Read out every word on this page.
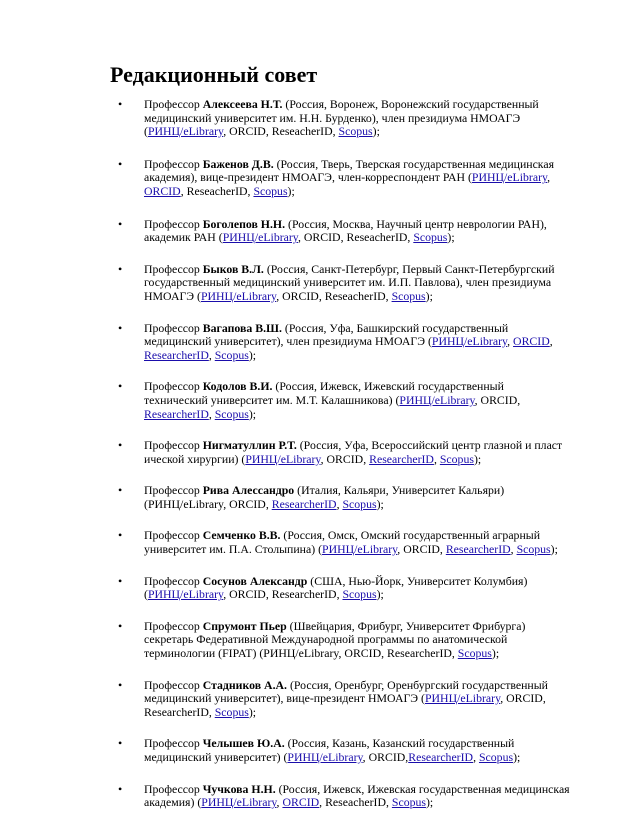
Редакционный совет
• Профессор Алексеева Н.Т. (Россия, Воронеж, Воронежский государственный медицинский университет им. Н.Н. Бурденко), член президиума НМОАГЭ (РИНЦ/eLibrary, ORCID, ReseacherID, Scopus);
• Профессор Баженов Д.В. (Россия, Тверь, Тверская государственная медицинская академия), вице-президент НМОАГЭ, член-корреспондент РАН (РИНЦ/eLibrary, ORCID, ReseacherID, Scopus);
• Профессор Боголепов Н.Н. (Россия, Москва, Научный центр неврологии РАН), академик РАН (РИНЦ/eLibrary, ORCID, ReseacherID, Scopus);
• Профессор Быков В.Л. (Россия, Санкт-Петербург, Первый Санкт-Петербургский государственный медицинский университет им. И.П. Павлова), член президиума НМОАГЭ (РИНЦ/eLibrary, ORCID, ReseacherID, Scopus);
• Профессор Вагапова В.Ш. (Россия, Уфа, Башкирский государственный медицинский университет), член президиума НМОАГЭ (РИНЦ/eLibrary, ORCID, ResearcherID, Scopus);
• Профессор Кодолов В.И. (Россия, Ижевск, Ижевский государственный технический университет им. М.Т. Калашникова) (РИНЦ/eLibrary, ORCID, ResearcherID, Scopus);
• Профессор Нигматуллин Р.Т. (Россия, Уфа, Всероссийский центр глазной и пласт ической хирургии) (РИНЦ/eLibrary, ORCID, ResearcherID, Scopus);
• Профессор Рива Алессандро (Италия, Кальяри, Университет Кальяри) (РИНЦ/eLibrary, ORCID, ResearcherID, Scopus);
• Профессор Семченко В.В. (Россия, Омск, Омский государственный аграрный университет им. П.А. Столыпина) (РИНЦ/eLibrary, ORCID, ResearcherID, Scopus);
• Профессор Сосунов Александр (США, Нью-Йорк, Университет Колумбия) (РИНЦ/eLibrary, ORCID, ResearcherID, Scopus);
• Профессор Спрумонт Пьер (Швейцария, Фрибург, Университет Фрибурга) секретарь Федеративной Международной программы по анатомической терминологии (FIPAT) (РИНЦ/eLibrary, ORCID, ResearcherID, Scopus);
• Профессор Стадников А.А. (Россия, Оренбург, Оренбургский государственный медицинский университет), вице-президент НМОАГЭ (РИНЦ/eLibrary, ORCID, ResearcherID, Scopus);
• Профессор Челышев Ю.А. (Россия, Казань, Казанский государственный медицинский университет) (РИНЦ/eLibrary, ORCID,ResearcherID, Scopus);
• Профессор Чучкова Н.Н. (Россия, Ижевск, Ижевская государственная медицинская академия) (РИНЦ/eLibrary, ORCID, ReseacherID, Scopus);
